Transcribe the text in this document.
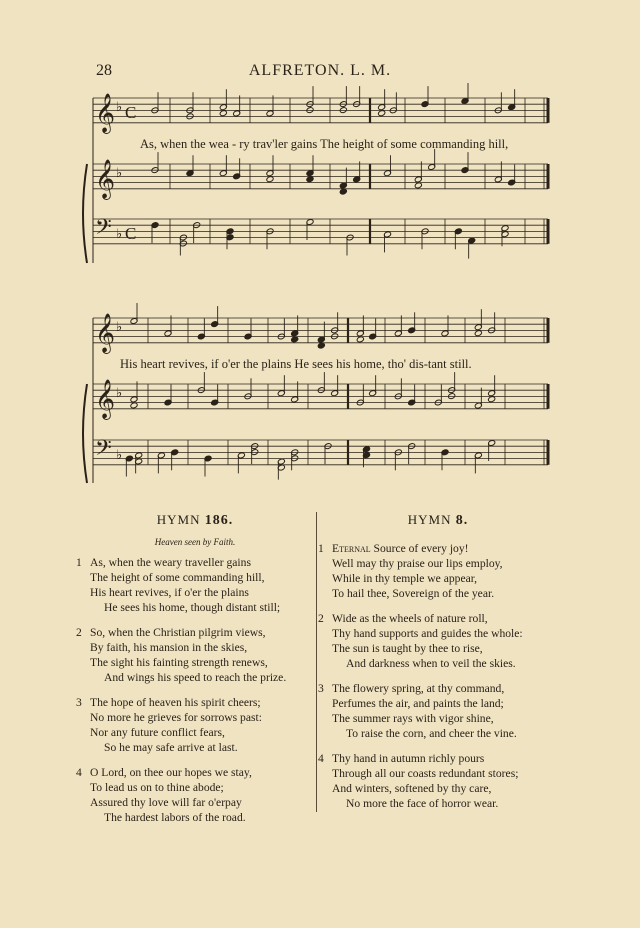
28	ALFRETON. L. M.
𝄞 ♭ C
𝄞 ♭
𝄢 ♭ C
𝄞 ♭
𝄞 ♭
𝄢 ♭
As, when the wea - ry trav'ler gains The height of some commanding hill,
His heart revives, if o'er the plains He sees his home, tho' dis-tant still.

HYMN 186.

Heaven seen by Faith.
1 As, when the weary traveller gains
The height of some commanding hill,
His heart revives, if o'er the plains
He sees his home, though distant still;
2 So, when the Christian pilgrim views,
By faith, his mansion in the skies,
The sight his fainting strength renews,
And wings his speed to reach the prize.
3 The hope of heaven his spirit cheers;
No more he grieves for sorrows past:
Nor any future conflict fears,
So he may safe arrive at last.
4 O Lord, on thee our hopes we stay,
To lead us on to thine abode;
Assured thy love will far o'erpay
The hardest labors of the road.

HYMN 8.

1 Eternal Source of every joy!
Well may thy praise our lips employ,
While in thy temple we appear,
To hail thee, Sovereign of the year.
2 Wide as the wheels of nature roll,
Thy hand supports and guides the whole:
The sun is taught by thee to rise,
And darkness when to veil the skies.
3 The flowery spring, at thy command,
Perfumes the air, and paints the land;
The summer rays with vigor shine,
To raise the corn, and cheer the vine.
4 Thy hand in autumn richly pours
Through all our coasts redundant stores;
And winters, softened by thy care,
No more the face of horror wear.
